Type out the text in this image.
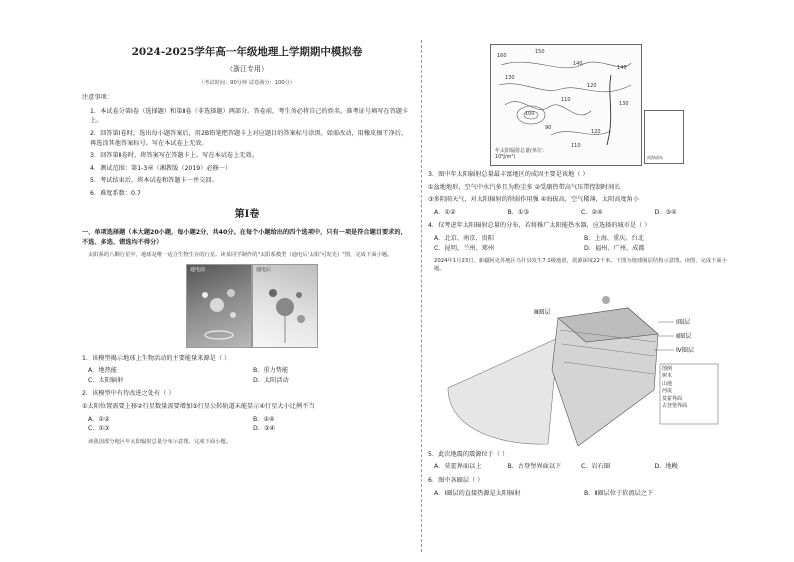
2024-2025学年高一年级地理上学期期中模拟卷
（浙江专用）
（考试时间：90分钟 试卷满分：100分）
注意事项：
1．本试卷分第Ⅰ卷（选择题）和第Ⅱ卷（非选择题）两部分。答卷前，考生务必将自己的姓名、准考证号填写在答题卡上。
2．回答第Ⅰ卷时，选出每小题答案后，用2B铅笔把答题卡上对应题目的答案标号涂黑。如需改动，用橡皮擦干净后，再选涂其他答案标号。写在本试卷上无效。
3．回答第Ⅱ卷时，将答案写在答题卡上。写在本试卷上无效。
4．测试范围：第1-3章（湘教版（2019）必修一）
5．考试结束后，将本试卷和答题卡一并交回。
6．难度系数：0.7
第Ⅰ卷
一、单项选择题（本大题20小题，每小题2分，共40分。在每个小题给出的四个选项中，只有一项是符合题目要求的，不选、多选、错选均不得分）
太阳系的八颗行星中，地球是唯一适合生物生存的行星。读某同学制作的"太阳系模型（通电后'太阳'可发光）"图，完成下面小题。
通电前	通电后
1．该模型揭示地球上生物活动的主要能量来源是（ ）
A．地热能	B．重力势能
C．太阳辐射	D．太阳活动
2．该模型中有待改进之处有（ ）
①太阳位置需要上移②行星数量需要增加③行星公转轨道未能显示④行星大小比例不当
A．①②	B．②④
C．①③	D．③④
读我国部分地区年太阳辐射总量分布示意图，完成下面小题。
160
150
140
130
120
110
100
90
140
130
120
110
年太阳辐射总量(单位：10⁸J/m²)	南海诸岛
3．图中年太阳辐射总量最丰富地区的成因主要是该地（ ）
①盆地地形，空气中水汽多且为粉尘多 ②受副热带高气压带控制时间长
③多阴雨天气，对太阳辐射的削弱作用强 ④海拔高，空气稀薄，太阳高度角小
A．①②	B．①③	C．②④	D．③④
4．仅考虑年太阳辐射总量的分布，若将推广太阳能热水器，应选择的城市是（ ）
A．北京、南京、贵阳	B．上海、重庆、台北
C．昆明、兰州、郑州	D．福州、广州、成都
2024年1月23日，新疆阿克苏地区乌什县发生7.1级地震，震源深度22千米。下图为地球圈层结构示意图。读图，完成下面小题。
Ⅰ圈层
Ⅱ圈层
Ⅲ圈层
Ⅳ圈层
图例
树木
山地
河流
莫霍界面
古登堡界面
5．此次地震的震源位于（ ）
A．莫霍界面以上	B．古登堡界面以下	C．岩石圈	D．地幔
6．图中各圈层（ ）
A．Ⅰ圈层的直接热源是太阳辐射	B．Ⅱ圈层位于软流层之下
